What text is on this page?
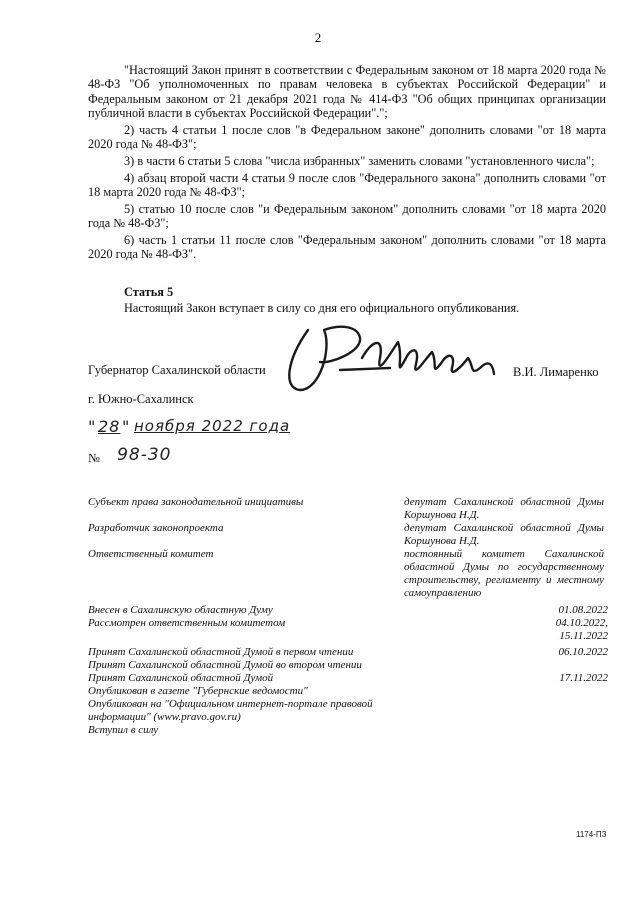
2

"Настоящий Закон принят в соответствии с Федеральным законом от 18 марта 2020 года № 48-ФЗ "Об уполномоченных по правам человека в субъектах Российской Федерации" и Федеральным законом от 21 декабря 2021 года № 414-ФЗ "Об общих принципах организации публичной власти в субъектах Российской Федерации".";

2) часть 4 статьи 1 после слов "в Федеральном законе" дополнить словами "от 18 марта 2020 года № 48-ФЗ";

3) в части 6 статьи 5 слова "числа избранных" заменить словами "установленного числа";

4) абзац второй части 4 статьи 9 после слов "Федерального закона" дополнить словами "от 18 марта 2020 года № 48-ФЗ";

5) статью 10 после слов "и Федеральным законом" дополнить словами "от 18 марта 2020 года № 48-ФЗ";

6) часть 1 статьи 11 после слов "Федеральным законом" дополнить словами "от 18 марта 2020 года № 48-ФЗ".

Статья 5
Настоящий Закон вступает в силу со дня его официального опубликования.
Губернатор Сахалинской области	В.И. Лимаренко
г. Южно-Сахалинск
" 28 " ноября 2022 года
№ 98-30
Субъект права законодательной инициативы	депутат Сахалинской областной Думы Коршунова Н.Д.
Разработчик законопроекта	депутат Сахалинской областной Думы Коршунова Н.Д.
Ответственный комитет	постоянный комитет Сахалинской областной Думы по государственному строительству, регламенту и местному самоуправлению
Внесен в Сахалинскую областную Думу	01.08.2022
Рассмотрен ответственным комитетом	04.10.2022,
15.11.2022
Принят Сахалинской областной Думой в первом чтении	06.10.2022
Принят Сахалинской областной Думой во втором чтении
Принят Сахалинской областной Думой	17.11.2022
Опубликован в газете "Губернские ведомости"
Опубликован на "Официальном интернет-портале правовой информации" (www.pravo.gov.ru)
Вступил в силу
1174-ПЗ
